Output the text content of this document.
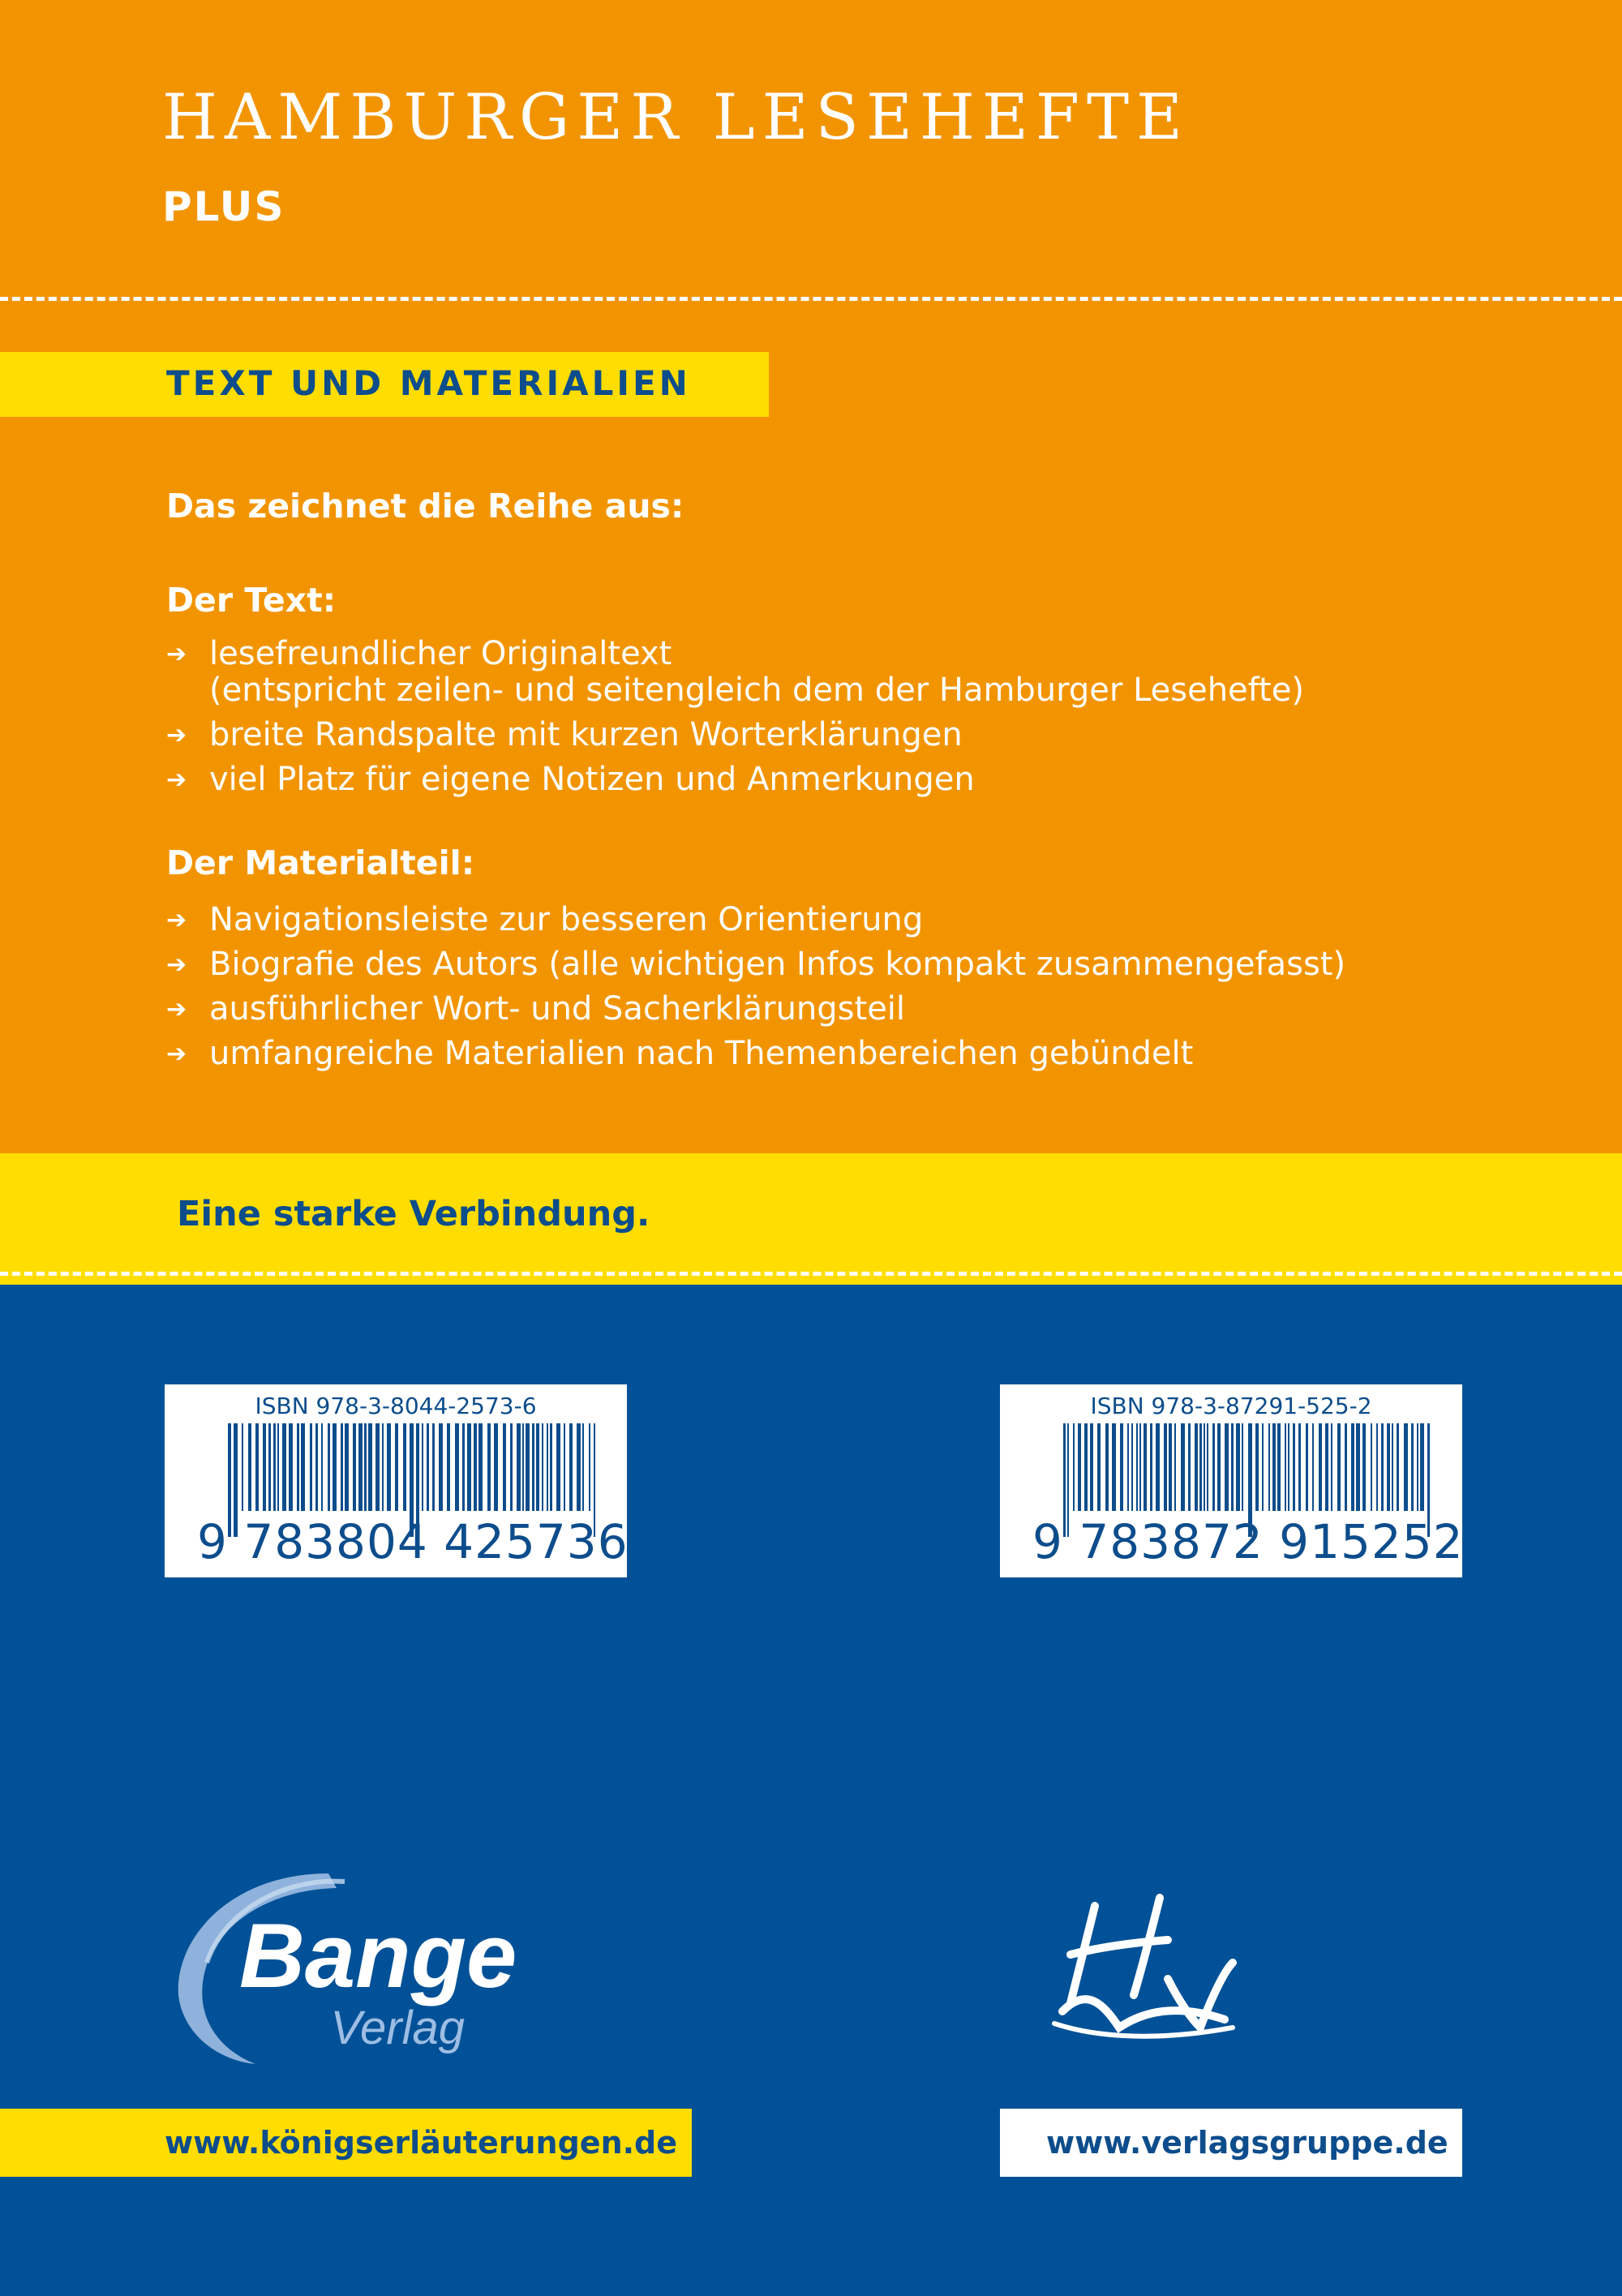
HAMBURGER LESEHEFTE
PLUS
TEXT UND MATERIALIEN

Das zeichnet die Reihe aus:

Der Text:
➔ lesefreundlicher Originaltext
(entspricht zeilen- und seitengleich dem der Hamburger Lesehefte)
➔ breite Randspalte mit kurzen Worterklärungen
➔ viel Platz für eigene Notizen und Anmerkungen
Der Materialteil:
➔ Navigationsleiste zur besseren Orientierung
➔ Biografie des Autors (alle wichtigen Infos kompakt zusammengefasst)
➔ ausführlicher Wort- und Sacherklärungsteil
➔ umfangreiche Materialien nach Themenbereichen gebündelt

Eine starke Verbindung.

ISBN 978-3-8044-2573-6
9 783804 425736
ISBN 978-3-87291-525-2
9 783872 915252
Bange
Verlag
HLV
www.königserläuterungen.de	www.verlagsgruppe.de
